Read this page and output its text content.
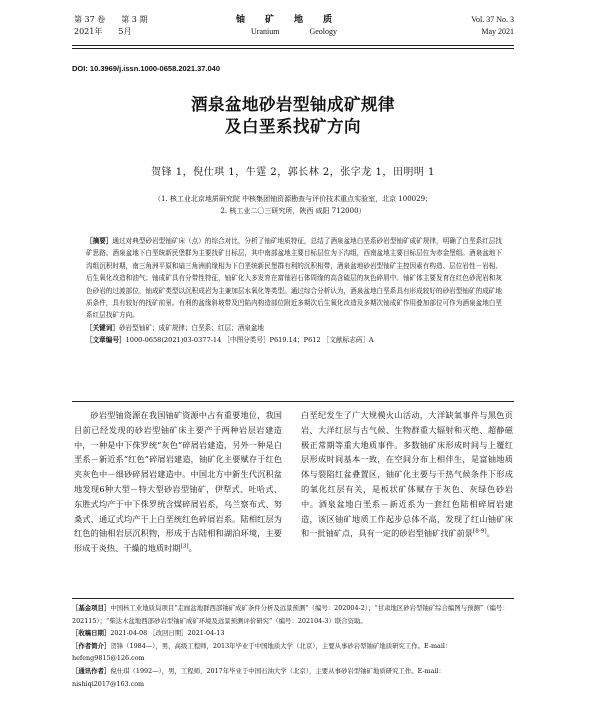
第 37 卷 第 3 期
2021年 5月
铀矿地质
Uranium Geology
Vol. 37 No. 3
May 2021
DOI: 10.3969/j.issn.1000-0658.2021.37.040
酒泉盆地砂岩型铀成矿规律
及白垩系找矿方向
贺锋 1，倪仕琪 1，牛霆 2，郭长林 2，张字龙 1，田明明 1
（1. 核工业北京地质研究院 中核集团铀资源勘查与评价技术重点实验室，北京 100029；
2. 核工业二〇三研究所，陕西 咸阳 712000）

［摘要］通过对典型砂岩型铀矿床（点）的综合对比，分析了铀矿地质特征，总结了酒泉盆地白垩系砂岩型铀矿成矿规律，明确了白垩系红层找矿思路。酒泉盆地下白垩统新民堡群为主要找矿目标层，其中南部盆地主要目标层位为下沟组，西南盆地主要目标层位为赤金堡组。酒泉盆地下沟组沉积时期，南三角洲平原和扇三角洲前缘相为下白垩统新民堡群有利的沉积相带，酒泉盆地砂岩型铀矿主控因素有构造、层位岩性－岩相、后生氧化改造和油气；铀成矿具有分带性特征，铀矿化大多发育在富铀岩石体周缘的高含硫层的灰色碎屑中。铀矿体主要发育在红色砂泥岩和灰色砂岩的过渡部位，铀成矿类型以沉积成岩为主兼加层水氧化等类型。通过综合分析认为，酒泉盆地白垩系具有形成较好的砂岩型铀矿的成矿地质条件，具有较好的找矿前景。有利的盆缘斜坡带及凹陷内构造部位附近多期次后生氧化改造及多期次铀成矿作用叠加部位可作为酒泉盆地白垩系红层找矿方向。

［关键词］砂岩型铀矿；成矿规律；白垩系；红层；酒泉盆地

［文章编号］1000-0658(2021)03-0377-14 ［中图分类号］P619.14；P612 ［文献标志码］A

砂岩型铀资源在我国铀矿资源中占有重要地位，我国目前已经发现的砂岩型铀矿床主要产于两种岩层岩建造中，一种是中下侏罗统“灰色”碎屑岩建造，另外一种是白垩系－新近系“红色”碎屑岩建造，铀矿化主要赋存于红色夹灰色中－细砂碎屑岩建造中。中国北方中新生代沉积盆地发现6种大型－特大型砂岩型铀矿，伊犁式、吐哈式、东胜式均产于中下侏罗统含煤碎屑岩系，乌兰察布式、努桑式、通辽式均产于上白垩统红色碎屑岩系。陆相红层为红色的铀相岩层沉积物，形成于古陆相和湖泊环境，主要形成于炎热、干燥的地质时期[3]。

白垩纪发生了广大规模火山活动，大洋缺氧事件与黑色页岩、大洋红层与古气候、生物群重大辐射和灭绝、超静磁极正常期等重大地质事件。多数铀矿床形成时间与上覆红层形成时间基本一致，在空间分布上相伴生，是富铀地质体与裂陷红盆叠置区，铀矿化主要与干热气候条件下形成的氧化红层有关，是板状矿体赋存于灰色、灰绿色砂岩中。酒泉盆地白垩系－新近系为一套红色陆相碎屑岩建造，该区铀矿地质工作起步总体不高，发现了红山铀矿床和一批铀矿点，具有一定的砂岩型铀矿找矿前景[8-9]。

［基金项目］中国核工业地质局项目“走廊盆地群西部铀矿成矿条件分析及远景预测”（编号：202004-2）；“甘肃地区砂岩型铀矿综合编图与预测”（编号：202115）；“柴达木盆地西部砂岩型铀矿成矿环境及远景预测评价研究”（编号：202104-3）联合资助。

［收稿日期］2021-04-08 ［改回日期］2021-04-13

［作者简介］贺锋（1984—），男，高级工程师，2013年毕业于中国地质大学（北京），主要从事砂岩型铀矿地质研究工作。E-mail：hefeng9815@126.com

［通讯作者］倪仕琪（1992—），男，工程师，2017年毕业于中国石油大学（北京），主要从事砂岩型铀矿地质研究工作。E-mail：nishiqi2017@163.com
